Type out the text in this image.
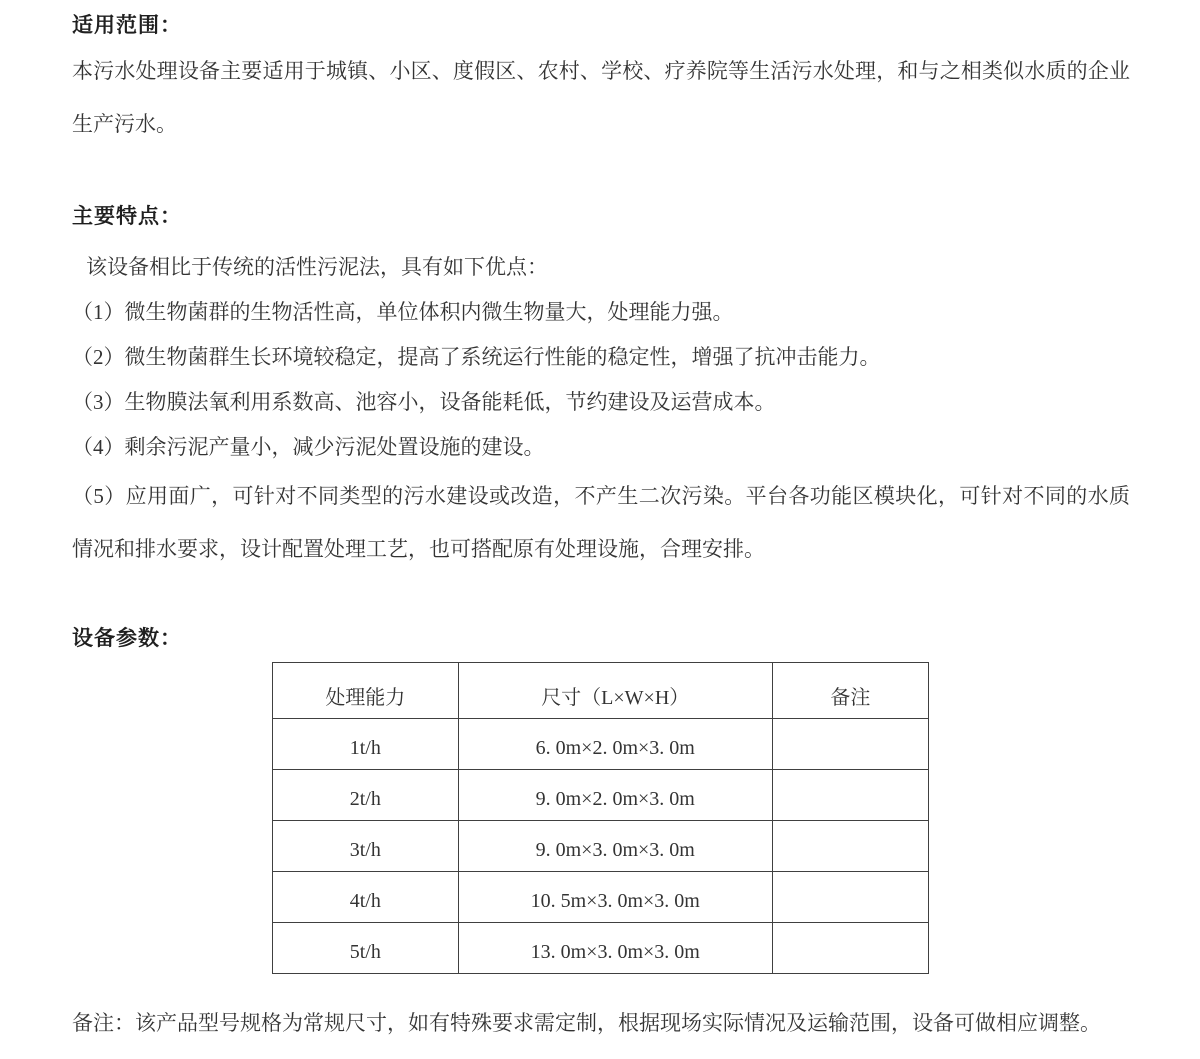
适用范围：

本污水处理设备主要适用于城镇、小区、度假区、农村、学校、疗养院等生活污水处理，和与之相类似水质的企业生产污水。

主要特点：

该设备相比于传统的活性污泥法，具有如下优点：

（1）微生物菌群的生物活性高，单位体积内微生物量大，处理能力强。

（2）微生物菌群生长环境较稳定，提高了系统运行性能的稳定性，增强了抗冲击能力。

（3）生物膜法氧利用系数高、池容小，设备能耗低，节约建设及运营成本。

（4）剩余污泥产量小，减少污泥处置设施的建设。

（5）应用面广，可针对不同类型的污水建设或改造，不产生二次污染。平台各功能区模块化，可针对不同的水质情况和排水要求，设计配置处理工艺，也可搭配原有处理设施，合理安排。

设备参数：
处理能力	尺寸（L×W×H）	备注
1t/h	6. 0m×2. 0m×3. 0m	
2t/h	9. 0m×2. 0m×3. 0m	
3t/h	9. 0m×3. 0m×3. 0m	
4t/h	10. 5m×3. 0m×3. 0m	
5t/h	13. 0m×3. 0m×3. 0m	

备注：该产品型号规格为常规尺寸，如有特殊要求需定制，根据现场实际情况及运输范围，设备可做相应调整。
